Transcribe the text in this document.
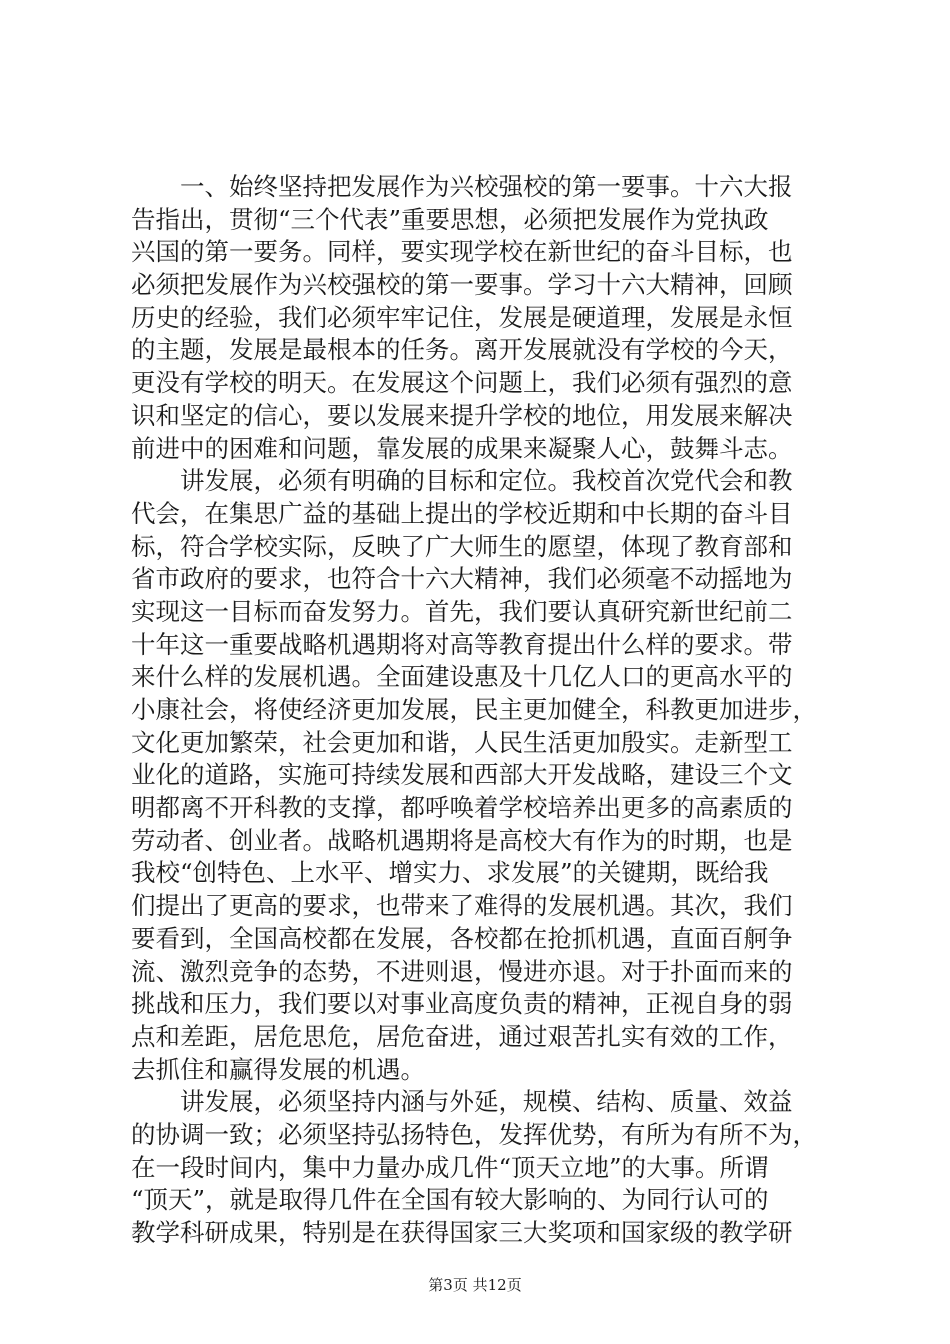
一、始终坚持把发展作为兴校强校的第一要事。十六大报
告指出，贯彻“三个代表”重要思想，必须把发展作为党执政
兴国的第一要务。同样，要实现学校在新世纪的奋斗目标，也
必须把发展作为兴校强校的第一要事。学习十六大精神，回顾
历史的经验，我们必须牢牢记住，发展是硬道理，发展是永恒
的主题，发展是最根本的任务。离开发展就没有学校的今天，
更没有学校的明天。在发展这个问题上，我们必须有强烈的意
识和坚定的信心，要以发展来提升学校的地位，用发展来解决
前进中的困难和问题，靠发展的成果来凝聚人心，鼓舞斗志。
讲发展，必须有明确的目标和定位。我校首次党代会和教
代会，在集思广益的基础上提出的学校近期和中长期的奋斗目
标，符合学校实际，反映了广大师生的愿望，体现了教育部和
省市政府的要求，也符合十六大精神，我们必须毫不动摇地为
实现这一目标而奋发努力。首先，我们要认真研究新世纪前二
十年这一重要战略机遇期将对高等教育提出什么样的要求。带
来什么样的发展机遇。全面建设惠及十几亿人口的更高水平的
小康社会，将使经济更加发展，民主更加健全，科教更加进步，
文化更加繁荣，社会更加和谐，人民生活更加殷实。走新型工
业化的道路，实施可持续发展和西部大开发战略，建设三个文
明都离不开科教的支撑，都呼唤着学校培养出更多的高素质的
劳动者、创业者。战略机遇期将是高校大有作为的时期，也是
我校“创特色、上水平、增实力、求发展”的关键期，既给我
们提出了更高的要求，也带来了难得的发展机遇。其次，我们
要看到，全国高校都在发展，各校都在抢抓机遇，直面百舸争
流、激烈竞争的态势，不进则退，慢进亦退。对于扑面而来的
挑战和压力，我们要以对事业高度负责的精神，正视自身的弱
点和差距，居危思危，居危奋进，通过艰苦扎实有效的工作，
去抓住和赢得发展的机遇。
讲发展，必须坚持内涵与外延，规模、结构、质量、效益
的协调一致；必须坚持弘扬特色，发挥优势，有所为有所不为，
在一段时间内，集中力量办成几件“顶天立地”的大事。所谓
“顶天”，就是取得几件在全国有较大影响的、为同行认可的
教学科研成果，特别是在获得国家三大奖项和国家级的教学研
第3页 共12页
